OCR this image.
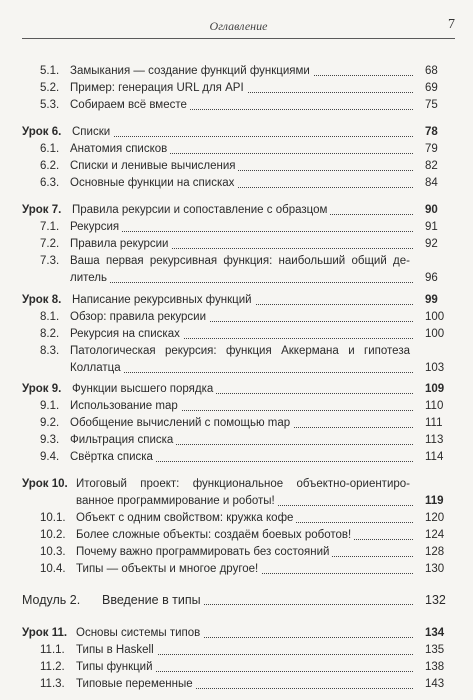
Оглавление	7
5.1. Замыкания — создание функций функциями	68
5.2. Пример: генерация URL для API	69
5.3. Собираем всё вместе	75
Урок 6. Списки	78
6.1. Анатомия списков	79
6.2. Списки и ленивые вычисления	82
6.3. Основные функции на списках	84
Урок 7. Правила рекурсии и сопоставление с образцом	90
7.1. Рекурсия	91
7.2. Правила рекурсии	92
7.3. Ваша первая рекурсивная функция: наибольший общий де-
литель	96
Урок 8. Написание рекурсивных функций	99
8.1. Обзор: правила рекурсии	100
8.2. Рекурсия на списках	100
8.3. Патологическая рекурсия: функция Аккермана и гипотеза
Коллатца	103
Урок 9. Функции высшего порядка	109
9.1. Использование map	110
9.2. Обобщение вычислений с помощью map	111
9.3. Фильтрация списка	113
9.4. Свёртка списка	114
Урок 10. Итоговый проект: функциональное объектно-ориентиро-
ванное программирование и роботы!	119
10.1. Объект с одним свойством: кружка кофе	120
10.2. Более сложные объекты: создаём боевых роботов!	124
10.3. Почему важно программировать без состояний	128
10.4. Типы — объекты и многое другое!	130
Модуль 2. Введение в типы	132
Урок 11. Основы системы типов	134
11.1. Типы в Haskell	135
11.2. Типы функций	138
11.3. Типовые переменные	143
